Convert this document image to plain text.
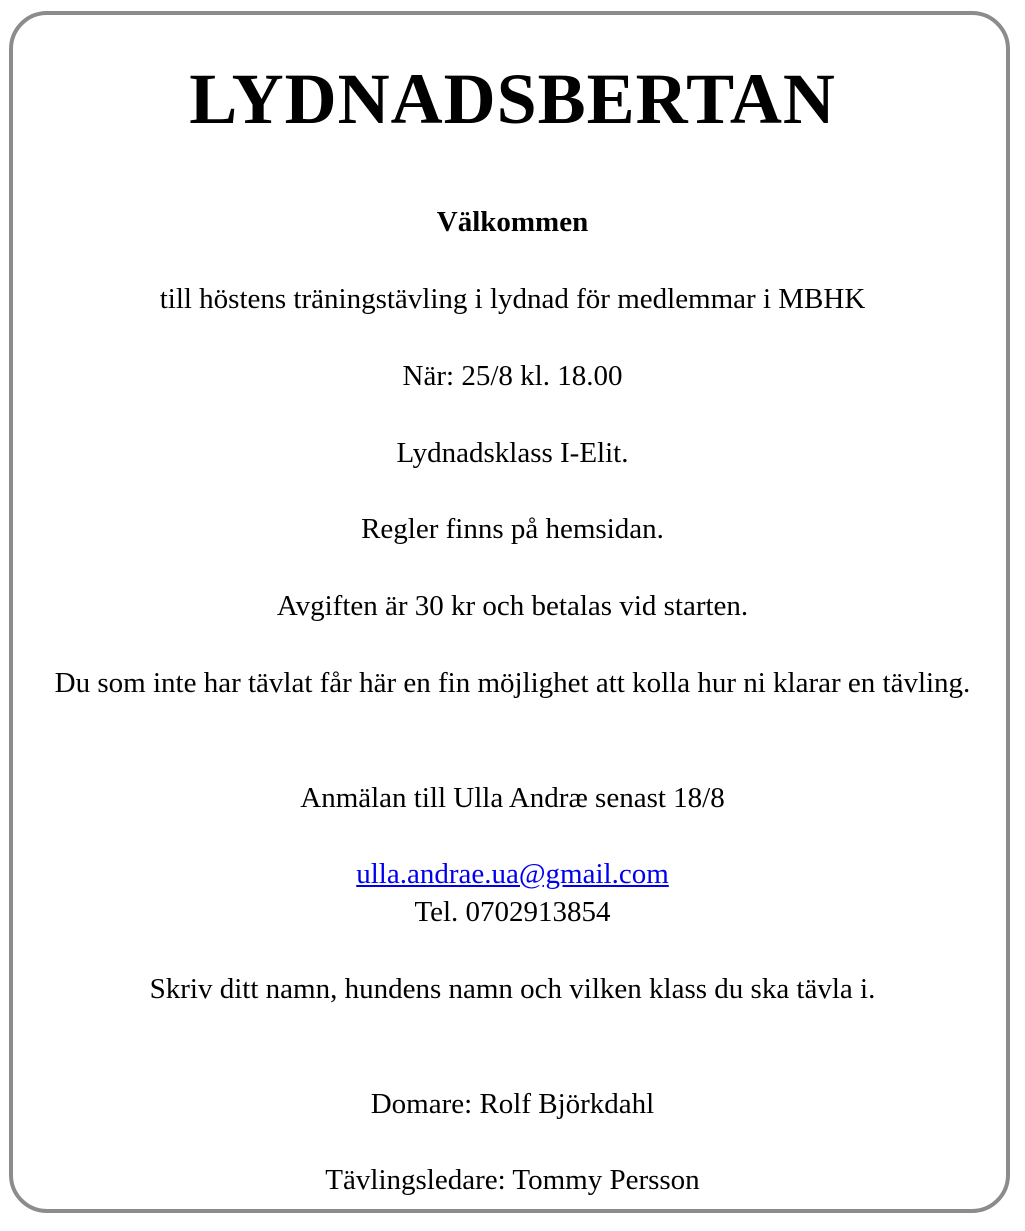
LYDNADSBERTAN
Välkommen
till höstens träningstävling i lydnad för medlemmar i MBHK
När: 25/8 kl. 18.00
Lydnadsklass I-Elit.
Regler finns på hemsidan.
Avgiften är 30 kr och betalas vid starten.
Du som inte har tävlat får här en fin möjlighet att kolla hur ni klarar en tävling.
Anmälan till Ulla Andræ senast 18/8
ulla.andrae.ua@gmail.com
Tel. 0702913854
Skriv ditt namn, hundens namn och vilken klass du ska tävla i.
Domare: Rolf Björkdahl
Tävlingsledare: Tommy Persson
